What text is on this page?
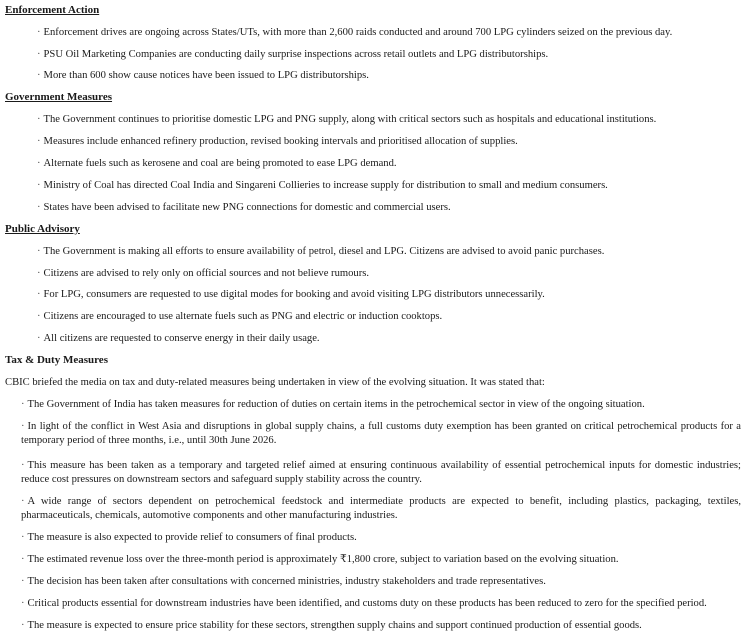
Enforcement Action
· Enforcement drives are ongoing across States/UTs, with more than 2,600 raids conducted and around 700 LPG cylinders seized on the previous day.
· PSU Oil Marketing Companies are conducting daily surprise inspections across retail outlets and LPG distributorships.
· More than 600 show cause notices have been issued to LPG distributorships.
Government Measures
· The Government continues to prioritise domestic LPG and PNG supply, along with critical sectors such as hospitals and educational institutions.
· Measures include enhanced refinery production, revised booking intervals and prioritised allocation of supplies.
· Alternate fuels such as kerosene and coal are being promoted to ease LPG demand.
· Ministry of Coal has directed Coal India and Singareni Collieries to increase supply for distribution to small and medium consumers.
· States have been advised to facilitate new PNG connections for domestic and commercial users.
Public Advisory
· The Government is making all efforts to ensure availability of petrol, diesel and LPG. Citizens are advised to avoid panic purchases.
· Citizens are advised to rely only on official sources and not believe rumours.
· For LPG, consumers are requested to use digital modes for booking and avoid visiting LPG distributors unnecessarily.
· Citizens are encouraged to use alternate fuels such as PNG and electric or induction cooktops.
· All citizens are requested to conserve energy in their daily usage.
Tax & Duty Measures
CBIC briefed the media on tax and duty-related measures being undertaken in view of the evolving situation. It was stated that:
· The Government of India has taken measures for reduction of duties on certain items in the petrochemical sector in view of the ongoing situation.
· In light of the conflict in West Asia and disruptions in global supply chains, a full customs duty exemption has been granted on critical petrochemical products for a temporary period of three months, i.e., until 30th June 2026.
· This measure has been taken as a temporary and targeted relief aimed at ensuring continuous availability of essential petrochemical inputs for domestic industries; reduce cost pressures on downstream sectors and safeguard supply stability across the country.
· A wide range of sectors dependent on petrochemical feedstock and intermediate products are expected to benefit, including plastics, packaging, textiles, pharmaceuticals, chemicals, automotive components and other manufacturing industries.
· The measure is also expected to provide relief to consumers of final products.
· The estimated revenue loss over the three-month period is approximately ₹1,800 crore, subject to variation based on the evolving situation.
· The decision has been taken after consultations with concerned ministries, industry stakeholders and trade representatives.
· Critical products essential for downstream industries have been identified, and customs duty on these products has been reduced to zero for the specified period.
· The measure is expected to ensure price stability for these sectors, strengthen supply chains and support continued production of essential goods.
